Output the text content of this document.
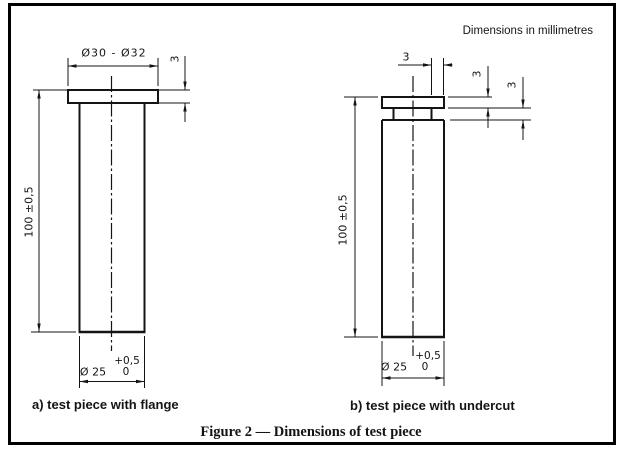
Dimensions in millimetres
Ø30 - Ø32 3
100 ±0,5
Ø 25
+0,5
0
a) test piece with flange
3
3
3
100 ±0,5
Ø 25
+0,5
0
b) test piece with undercut
Figure 2 — Dimensions of test piece
